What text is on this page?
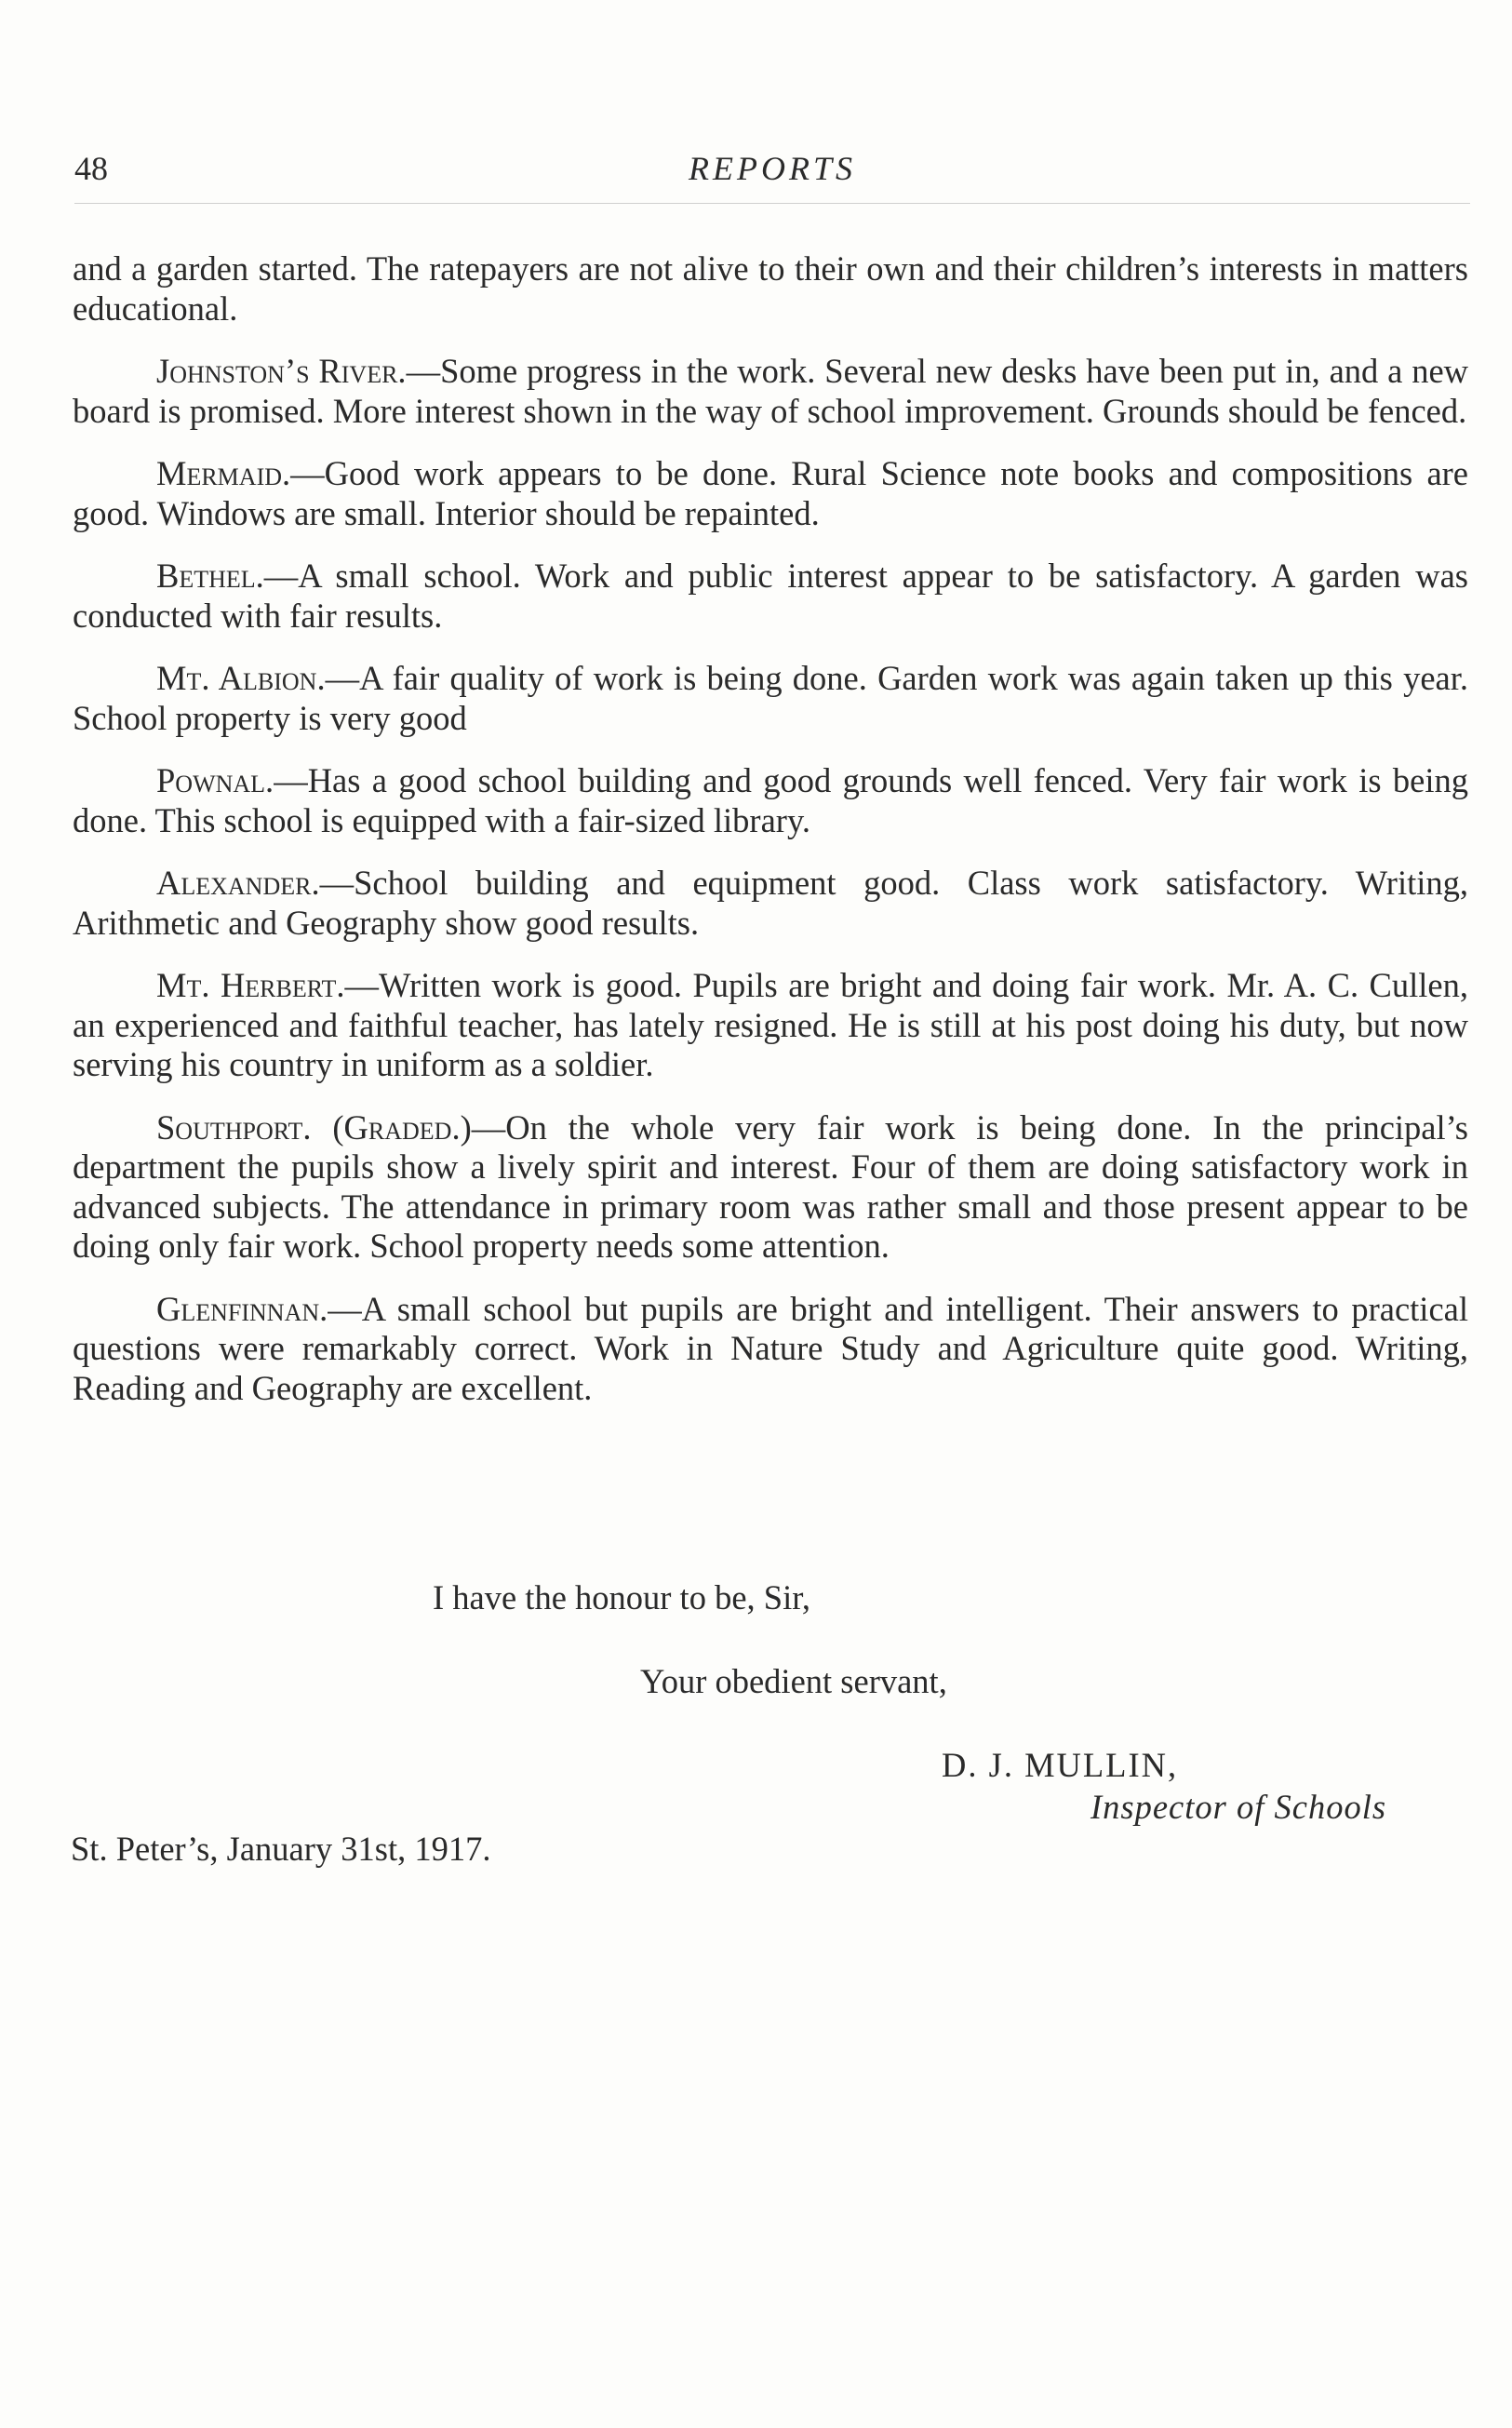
48	REPORTS

and a garden started. The ratepayers are not alive to their own and their children’s interests in matters educational.

Johnston’s River.—Some progress in the work. Several new desks have been put in, and a new board is promised. More interest shown in the way of school improvement. Grounds should be fenced.

Mermaid.—Good work appears to be done. Rural Science note books and compositions are good. Windows are small. Interior should be repainted.

Bethel.—A small school. Work and public interest appear to be satisfactory. A garden was conducted with fair results.

Mt. Albion.—A fair quality of work is being done. Garden work was again taken up this year. School property is very good

Pownal.—Has a good school building and good grounds well fenced. Very fair work is being done. This school is equipped with a fair-sized library.

Alexander.—School building and equipment good. Class work satisfactory. Writing, Arithmetic and Geography show good results.

Mt. Herbert.—Written work is good. Pupils are bright and doing fair work. Mr. A. C. Cullen, an experienced and faithful teacher, has lately resigned. He is still at his post doing his duty, but now serving his country in uniform as a soldier.

Southport. (Graded.)—On the whole very fair work is being done. In the principal’s department the pupils show a lively spirit and interest. Four of them are doing satisfactory work in advanced subjects. The attendance in primary room was rather small and those present appear to be doing only fair work. School property needs some attention.

Glenfinnan.—A small school but pupils are bright and intelligent. Their answers to practical questions were remarkably correct. Work in Nature Study and Agriculture quite good. Writing, Reading and Geography are excellent.

I have the honour to be, Sir,
Your obedient servant,
D. J. MULLIN,
Inspector of Schools
St. Peter’s, January 31st, 1917.
